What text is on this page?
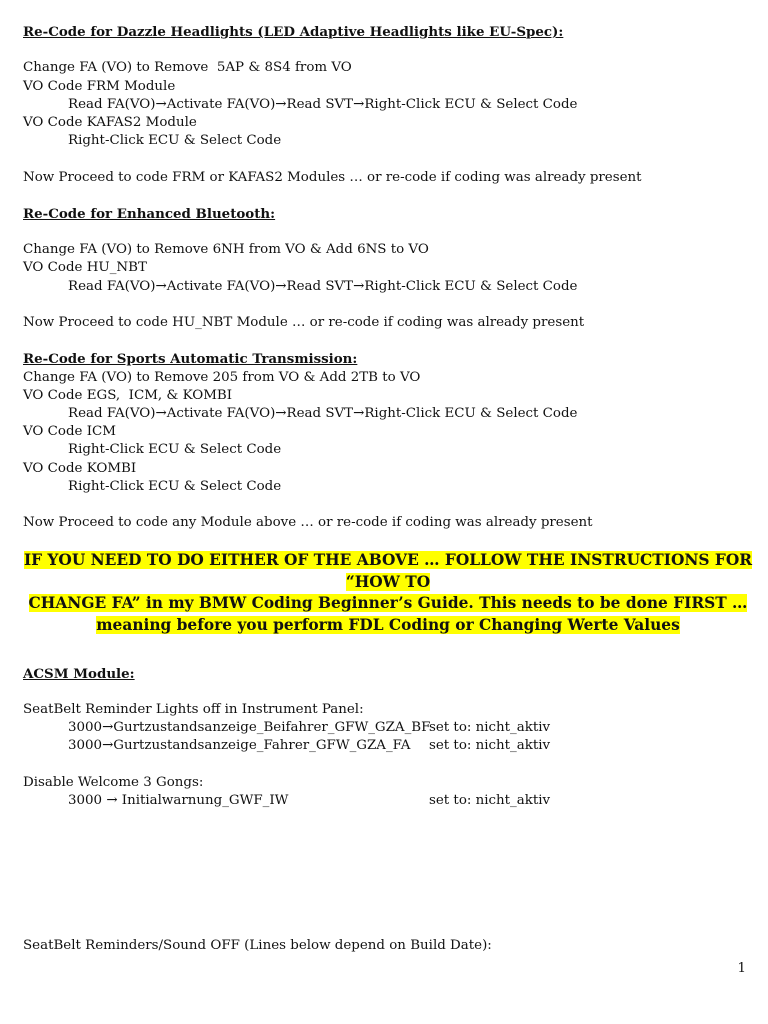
Re-Code for Dazzle Headlights (LED Adaptive Headlights like EU-Spec):
Change FA (VO) to Remove  5AP & 8S4 from VO
VO Code FRM Module
Read FA(VO)→Activate FA(VO)→Read SVT→Right-Click ECU & Select Code
VO Code KAFAS2 Module
Right-Click ECU & Select Code
Now Proceed to code FRM or KAFAS2 Modules … or re-code if coding was already present
Re-Code for Enhanced Bluetooth:
Change FA (VO) to Remove 6NH from VO & Add 6NS to VO
VO Code HU_NBT
Read FA(VO)→Activate FA(VO)→Read SVT→Right-Click ECU & Select Code
Now Proceed to code HU_NBT Module … or re-code if coding was already present
Re-Code for Sports Automatic Transmission:
Change FA (VO) to Remove 205 from VO & Add 2TB to VO
VO Code EGS,  ICM, & KOMBI
Read FA(VO)→Activate FA(VO)→Read SVT→Right-Click ECU & Select Code
VO Code ICM
Right-Click ECU & Select Code
VO Code KOMBI
Right-Click ECU & Select Code
Now Proceed to code any Module above … or re-code if coding was already present
IF YOU NEED TO DO EITHER OF THE ABOVE … FOLLOW THE INSTRUCTIONS FOR “HOW TO
CHANGE FA” in my BMW Coding Beginner’s Guide. This needs to be done FIRST …
meaning before you perform FDL Coding or Changing Werte Values
ACSM Module:
SeatBelt Reminder Lights off in Instrument Panel:
3000→Gurtzustandsanzeige_Beifahrer_GFW_GZA_BF
set to: nicht_aktiv
3000→Gurtzustandsanzeige_Fahrer_GFW_GZA_FA	set to: nicht_aktiv
Disable Welcome 3 Gongs:
3000 → Initialwarnung_GWF_IW	set to: nicht_aktiv
SeatBelt Reminders/Sound OFF (Lines below depend on Build Date):
1
